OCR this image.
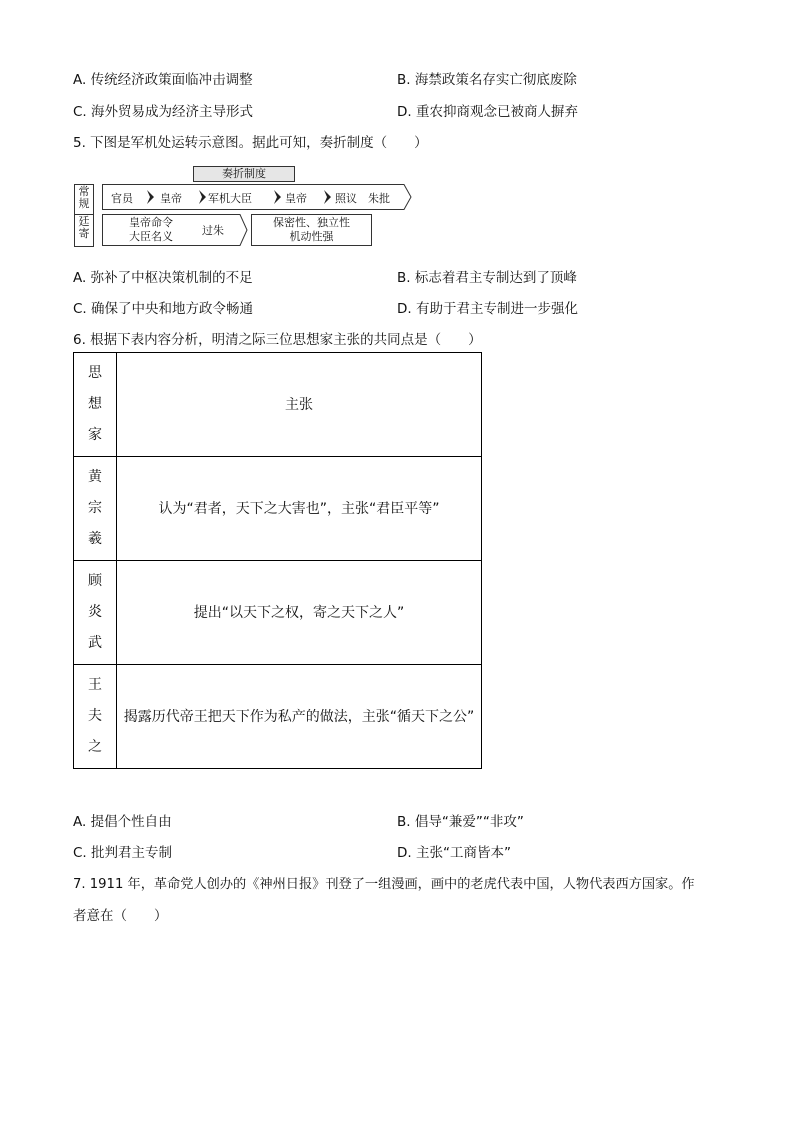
A. 传统经济政策面临冲击调整	B. 海禁政策名存实亡彻底废除
C. 海外贸易成为经济主导形式	D. 重农抑商观念已被商人摒弃
5. 下图是军机处运转示意图。据此可知，奏折制度（　　）
奏折制度
常
规	官员 皇帝 军机大臣	皇帝	照议　朱批
廷
寄
皇帝命令
大臣名义	过朱
保密性、独立性
机动性强
A. 弥补了中枢决策机制的不足	B. 标志着君主专制达到了顶峰
C. 确保了中央和地方政令畅通	D. 有助于君主专制进一步强化
6. 根据下表内容分析，明清之际三位思想家主张的共同点是（　　）
思
想
家	主张

黄
宗
羲	认为“君者，天下之大害也”，主张“君臣平等”

顾
炎
武	提出“以天下之权，寄之天下之人”

王
夫
之	揭露历代帝王把天下作为私产的做法，主张“循天下之公”
A. 提倡个性自由	B. 倡导“兼爱”“非攻”
C. 批判君主专制	D. 主张“工商皆本”
7. 1911 年，革命党人创办的《神州日报》刊登了一组漫画，画中的老虎代表中国，人物代表西方国家。作
者意在（　　）
